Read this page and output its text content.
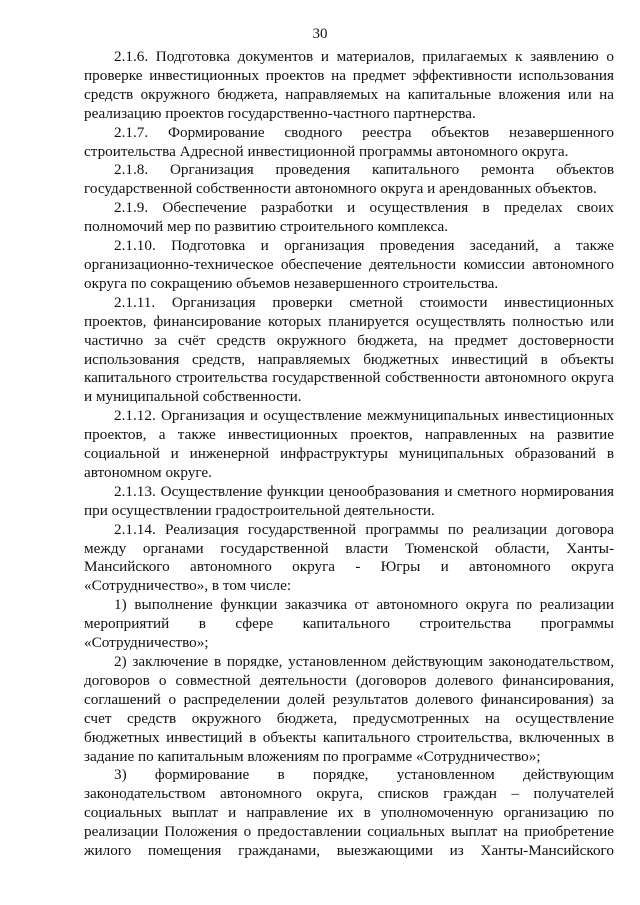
30

2.1.6. Подготовка документов и материалов, прилагаемых к заявлению о проверке инвестиционных проектов на предмет эффективности использования средств окружного бюджета, направляемых на капитальные вложения или на реализацию проектов государственно-частного партнерства.

2.1.7. Формирование сводного реестра объектов незавершенного строительства Адресной инвестиционной программы автономного округа.

2.1.8. Организация проведения капитального ремонта объектов государственной собственности автономного округа и арендованных объектов.

2.1.9. Обеспечение разработки и осуществления в пределах своих полномочий мер по развитию строительного комплекса.

2.1.10. Подготовка и организация проведения заседаний, а также организационно-техническое обеспечение деятельности комиссии автономного округа по сокращению объемов незавершенного строительства.

2.1.11. Организация проверки сметной стоимости инвестиционных проектов, финансирование которых планируется осуществлять полностью или частично за счёт средств окружного бюджета, на предмет достоверности использования средств, направляемых бюджетных инвестиций в объекты капитального строительства государственной собственности автономного округа и муниципальной собственности.

2.1.12. Организация и осуществление межмуниципальных инвестиционных проектов, а также инвестиционных проектов, направленных на развитие социальной и инженерной инфраструктуры муниципальных образований в автономном округе.

2.1.13. Осуществление функции ценообразования и сметного нормирования при осуществлении градостроительной деятельности.

2.1.14. Реализация государственной программы по реализации договора между органами государственной власти Тюменской области, Ханты-Мансийского автономного округа - Югры и автономного округа «Сотрудничество», в том числе:

1) выполнение функции заказчика от автономного округа по реализации мероприятий в сфере капитального строительства программы «Сотрудничество»;

2) заключение в порядке, установленном действующим законодательством, договоров о совместной деятельности (договоров долевого финансирования, соглашений о распределении долей результатов долевого финансирования) за счет средств окружного бюджета, предусмотренных на осуществление бюджетных инвестиций в объекты капитального строительства, включенных в задание по капитальным вложениям по программе «Сотрудничество»;

3) формирование в порядке, установленном действующим законодательством автономного округа, списков граждан – получателей социальных выплат и направление их в уполномоченную организацию по реализации Положения о предоставлении социальных выплат на приобретение жилого помещения гражданами, выезжающими из Ханты-Мансийского
